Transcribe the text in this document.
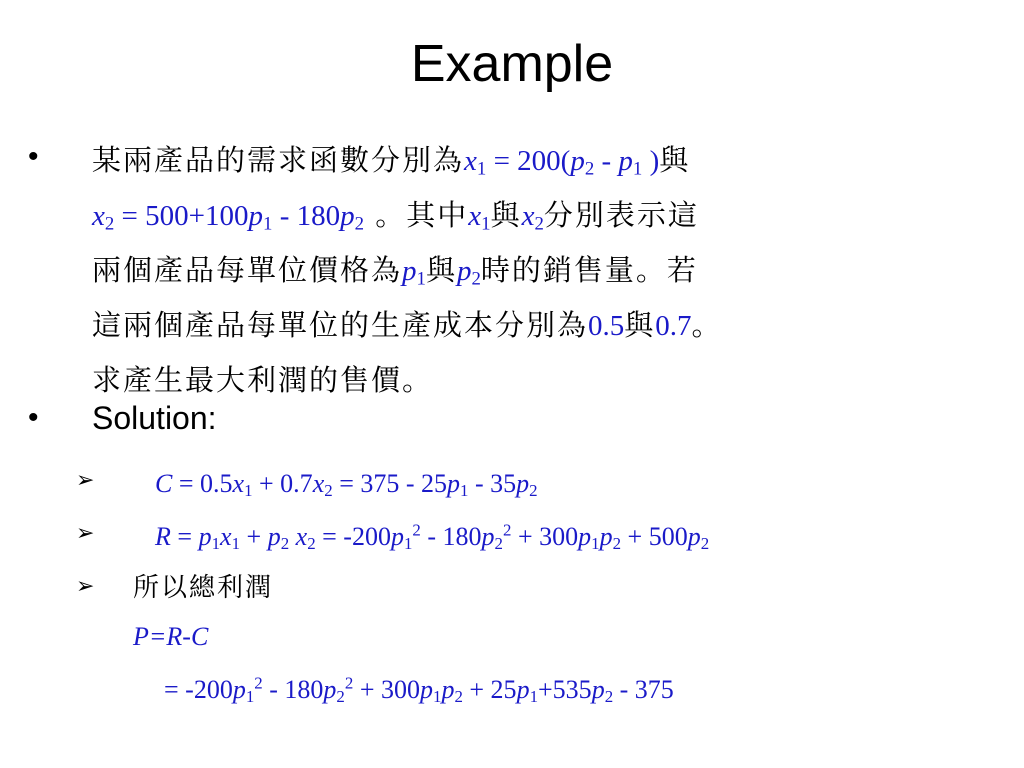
Example
• 某兩產品的需求函數分別為$x_1 = 200(p_2 - p_1$ )與
$x_2 = 500+100p_1 - 180p_2$ 。其中$x_1$與$x_2$分別表示這
兩個產品每單位價格為$p_1$與$p_2$時的銷售量。若
這兩個產品每單位的生產成本分別為0.5與0.7。
求產生最大利潤的售價。
• Solution:
➢ $C = 0.5x_1 + 0.7x_2 = 375 - 25p_1 - 35p_2$
➢ $R = p_1x_1 + p_2$ $x_2 = -200p_1^2 - 180p_2^2 + 300p_1p_2 + 500p_2$
➢ 所以總利潤
P=R-C
= $-200p_1^2 - 180p_2^2 + 300p_1p_2 + 25p_1+535p_2 - 375$
